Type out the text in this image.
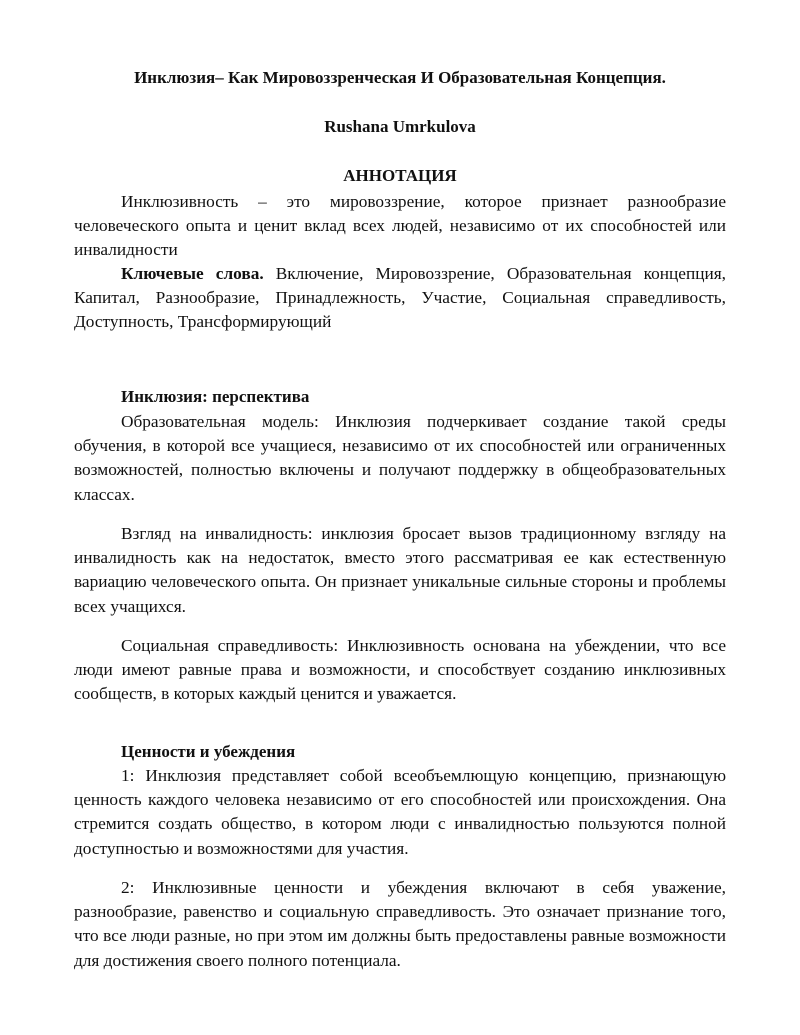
Инклюзия– Как Мировоззренческая И Образовательная Концепция.
Rushana Umrkulova
АННОТАЦИЯ

Инклюзивность – это мировоззрение, которое признает разнообразие человеческого опыта и ценит вклад всех людей, независимо от их способностей или инвалидности

Ключевые слова. Включение, Мировоззрение, Образовательная концепция, Капитал, Разнообразие, Принадлежность, Участие, Социальная справедливость, Доступность, Трансформирующий

Инклюзия: перспектива

Образовательная модель: Инклюзия подчеркивает создание такой среды обучения, в которой все учащиеся, независимо от их способностей или ограниченных возможностей, полностью включены и получают поддержку в общеобразовательных классах.

Взгляд на инвалидность: инклюзия бросает вызов традиционному взгляду на инвалидность как на недостаток, вместо этого рассматривая ее как естественную вариацию человеческого опыта. Он признает уникальные сильные стороны и проблемы всех учащихся.

Социальная справедливость: Инклюзивность основана на убеждении, что все люди имеют равные права и возможности, и способствует созданию инклюзивных сообществ, в которых каждый ценится и уважается.

Ценности и убеждения

1: Инклюзия представляет собой всеобъемлющую концепцию, признающую ценность каждого человека независимо от его способностей или происхождения. Она стремится создать общество, в котором люди с инвалидностью пользуются полной доступностью и возможностями для участия.

2: Инклюзивные ценности и убеждения включают в себя уважение, разнообразие, равенство и социальную справедливость. Это означает признание того, что все люди разные, но при этом им должны быть предоставлены равные возможности для достижения своего полного потенциала.
